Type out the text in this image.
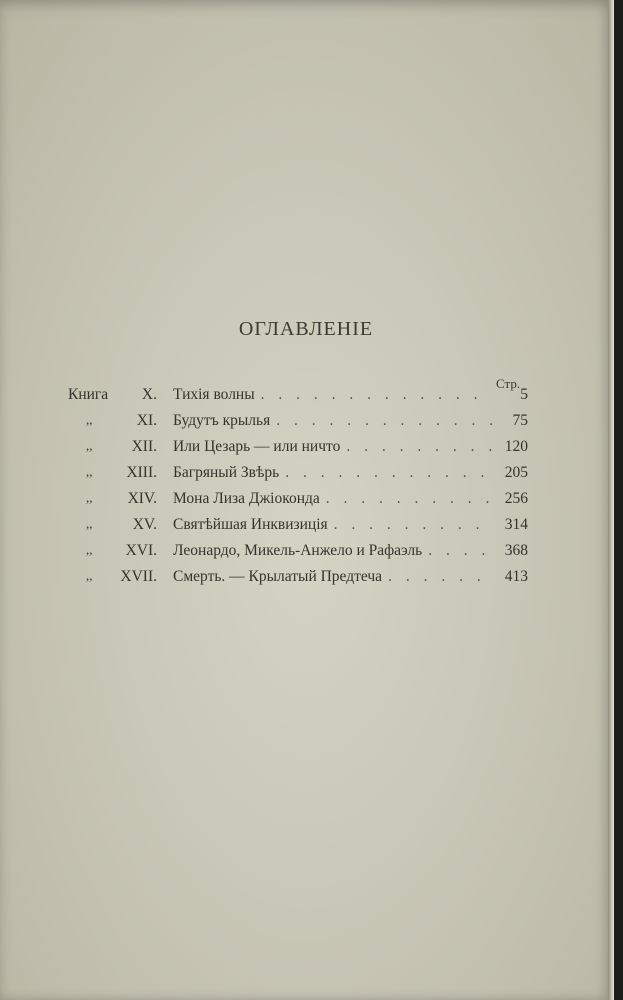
ОГЛАВЛЕНІЕ
Стр.
Книга	X. Тихія волны . . .	5
,,	XI. Будутъ крылья . . .	75
,,	XII. Или Цезарь — или ничто . . .	120
,,	XIII. Багряный Звѣрь . . .	205
,,	XIV. Мона Лиза Джіоконда . . .	256
,,	XV. Святѣйшая Инквизиція . . .	314
,,	XVI. Леонардо, Микель-Анжело и Рафаэль . . .	368
,,	XVII. Смерть. — Крылатый Предтеча . . .	413
